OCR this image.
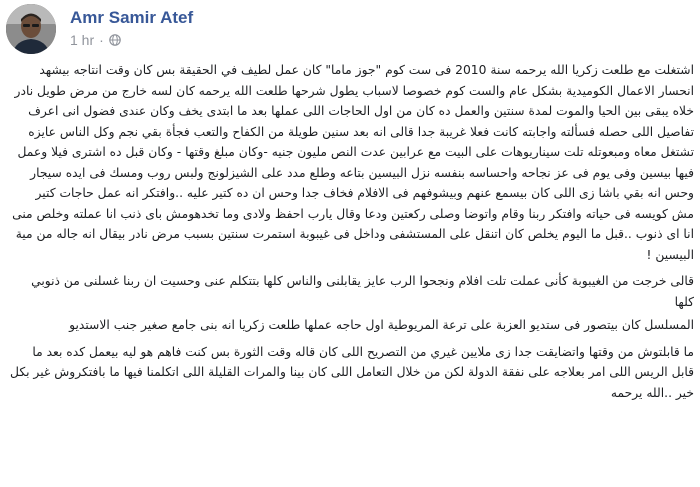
Amr Samir Atef
1 hr ·

اشتغلت مع طلعت زكريا الله يرحمه سنة 2010 فى ست كوم "جوز ماما" كان عمل لطيف في الحقيقة بس كان وقت انتاجه بيشهد انحسار الاعمال الكوميدية بشكل عام والست كوم خصوصا لاسباب يطول شرحها طلعت الله يرحمه كان لسه خارج من مرض طويل نادر خلاه يبقى بين الحيا والموت لمدة سنتين والعمل ده كان من اول الحاجات اللى عملها بعد ما ابتدى يخف وكان عندى فضول انى اعرف تفاصيل اللى حصله فسألته واجابته كانت فعلا غريبة جدا قالى انه بعد سنين طويلة من الكفاح والتعب فجأة بقي نجم وكل الناس عايزه تشتغل معاه ومبعوتله تلت سيناريوهات على البيت مع عرابين عدت النص مليون جنيه -وكان مبلغ وقتها - وكان قبل ده اشترى فيلا وعمل فيها بيسين وفى يوم فى عز نجاحه واحساسه بنفسه نزل البيسين بتاعه وطلع مدد على الشيزلونج ولبس روب ومسك فى ايده سيجار وحس انه بقي باشا زى اللى كان بيسمع عنهم وبيشوفهم فى الافلام فخاف جدا وحس ان ده كتير عليه ..وافتكر انه عمل حاجات كتير مش كويسه فى حياته وافتكر ربنا وقام واتوضا وصلى ركعتين ودعا وقال يارب احفظ ولادى وما تخدهومش باى ذنب انا عملته وخلص منى انا اى ذنوب ..قبل ما اليوم يخلص كان اتنقل على المستشفى وداخل فى غيبوبة استمرت سنتين بسبب مرض نادر بيقال انه جاله من مية البيسين !

قالى خرجت من الغيبوبة كأنى عملت تلت افلام ونجحوا الرب عايز يقابلنى والناس كلها بتتكلم عنى وحسيت ان ربنا غسلنى من ذنوبي كلها

المسلسل كان بيتصور فى ستديو العزبة على ترعة المريوطية اول حاجه عملها طلعت زكريا انه بنى جامع صغير جنب الاستديو

ما قابلتوش من وقتها واتضايقت جدا زى ملايين غيري من التصريح اللى كان قاله وقت الثورة بس كنت فاهم هو ليه بيعمل كده بعد ما قابل الريس اللى امر بعلاجه على نفقة الدولة لكن من خلال التعامل اللى كان بينا والمرات القليلة اللى اتكلمنا فيها ما بافتكروش غير بكل خير ..الله يرحمه
